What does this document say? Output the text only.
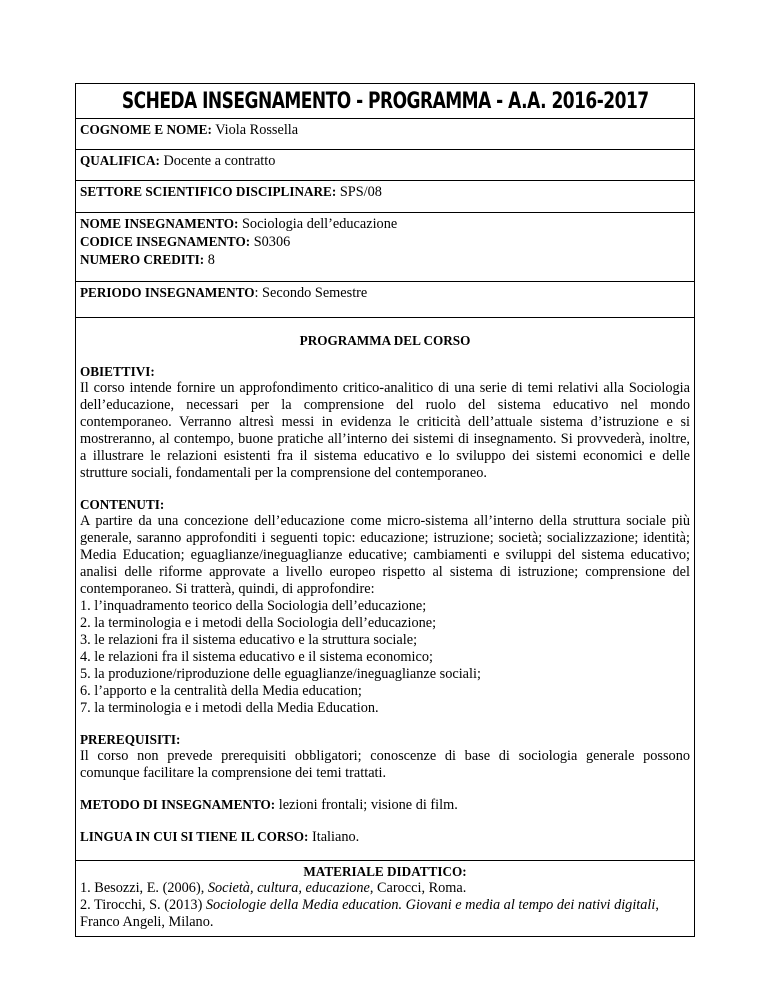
SCHEDA INSEGNAMENTO - PROGRAMMA - A.A. 2016-2017
COGNOME E NOME: Viola Rossella
QUALIFICA: Docente a contratto
SETTORE SCIENTIFICO DISCIPLINARE: SPS/08
NOME INSEGNAMENTO: Sociologia dell’educazione
CODICE INSEGNAMENTO: S0306
NUMERO CREDITI: 8
PERIODO INSEGNAMENTO: Secondo Semestre
PROGRAMMA DEL CORSO
OBIETTIVI:

Il corso intende fornire un approfondimento critico-analitico di una serie di temi relativi alla Sociologia dell’educazione, necessari per la comprensione del ruolo del sistema educativo nel mondo contemporaneo. Verranno altresì messi in evidenza le criticità dell’attuale sistema d’istruzione e si mostreranno, al contempo, buone pratiche all’interno dei sistemi di insegnamento. Si provvederà, inoltre, a illustrare le relazioni esistenti fra il sistema educativo e lo sviluppo dei sistemi economici e delle strutture sociali, fondamentali per la comprensione del contemporaneo.

CONTENUTI:

A partire da una concezione dell’educazione come micro-sistema all’interno della struttura sociale più generale, saranno approfonditi i seguenti topic: educazione; istruzione; società; socializzazione; identità; Media Education; eguaglianze/ineguaglianze educative; cambiamenti e sviluppi del sistema educativo; analisi delle riforme approvate a livello europeo rispetto al sistema di istruzione; comprensione del contemporaneo. Si tratterà, quindi, di approfondire:

1. l’inquadramento teorico della Sociologia dell’educazione;
2. la terminologia e i metodi della Sociologia dell’educazione;
3. le relazioni fra il sistema educativo e la struttura sociale;
4. le relazioni fra il sistema educativo e il sistema economico;
5. la produzione/riproduzione delle eguaglianze/ineguaglianze sociali;
6. l’apporto e la centralità della Media education;
7. la terminologia e i metodi della Media Education.
PREREQUISITI:

Il corso non prevede prerequisiti obbligatori; conoscenze di base di sociologia generale possono comunque facilitare la comprensione dei temi trattati.

METODO DI INSEGNAMENTO: lezioni frontali; visione di film.
LINGUA IN CUI SI TIENE IL CORSO: Italiano.
MATERIALE DIDATTICO:
1. Besozzi, E. (2006), Società, cultura, educazione, Carocci, Roma.
2. Tirocchi, S. (2013) Sociologie della Media education. Giovani e media al tempo dei nativi digitali, Franco Angeli, Milano.
